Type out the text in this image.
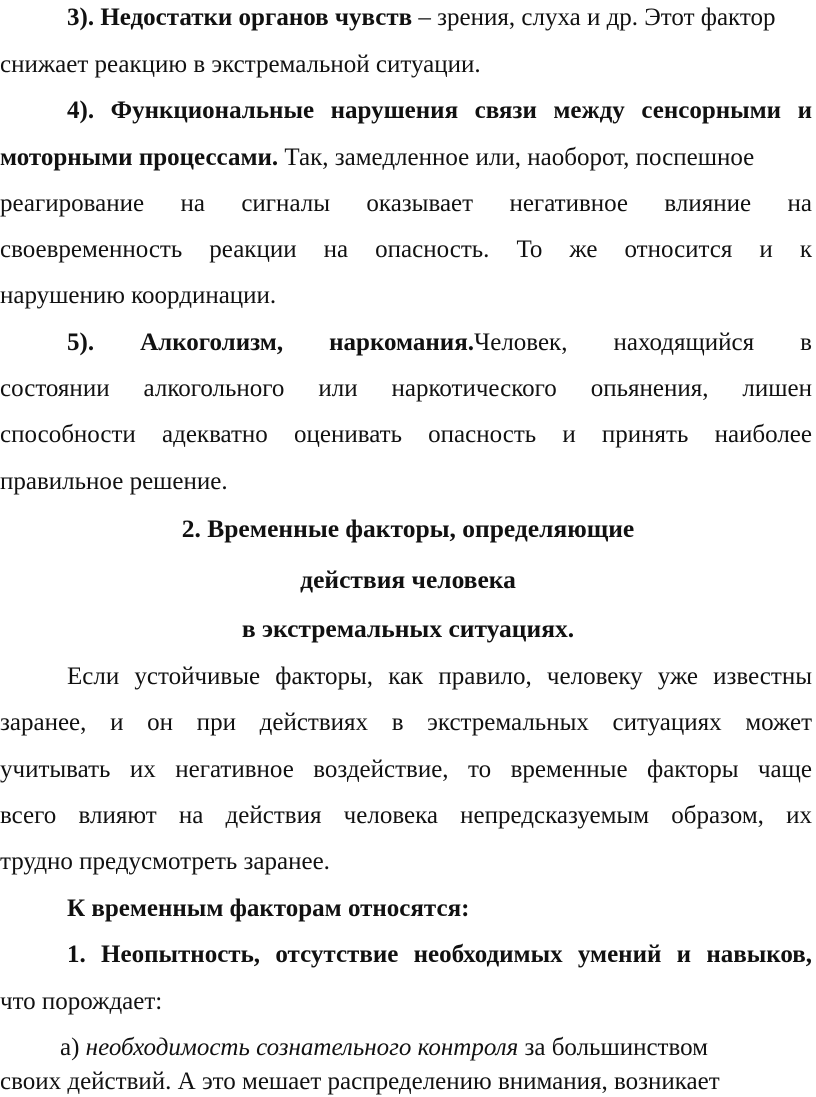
3). Недостатки органов чувств – зрения, слуха и др. Этот фактор
снижает реакцию в экстремальной ситуации.
4). Функциональные нарушения связи между сенсорными и
моторными процессами. Так, замедленное или, наоборот, поспешное
реагирование на сигналы оказывает негативное влияние на
своевременность реакции на опасность. То же относится и к
нарушению координации.
5). Алкоголизм, наркомания.Человек, находящийся в
состоянии алкогольного или наркотического опьянения, лишен
способности адекватно оценивать опасность и принять наиболее
правильное решение.
2. Временные факторы, определяющие
действия человека
в экстремальных ситуациях.
Если устойчивые факторы, как правило, человеку уже известны
заранее, и он при действиях в экстремальных ситуациях может
учитывать их негативное воздействие, то временные факторы чаще
всего влияют на действия человека непредсказуемым образом, их
трудно предусмотреть заранее.
К временным факторам относятся:
1. Неопытность, отсутствие необходимых умений и навыков,
что порождает:
а) необходимость сознательного контроля за большинством
своих действий. А это мешает распределению внимания, возникает
